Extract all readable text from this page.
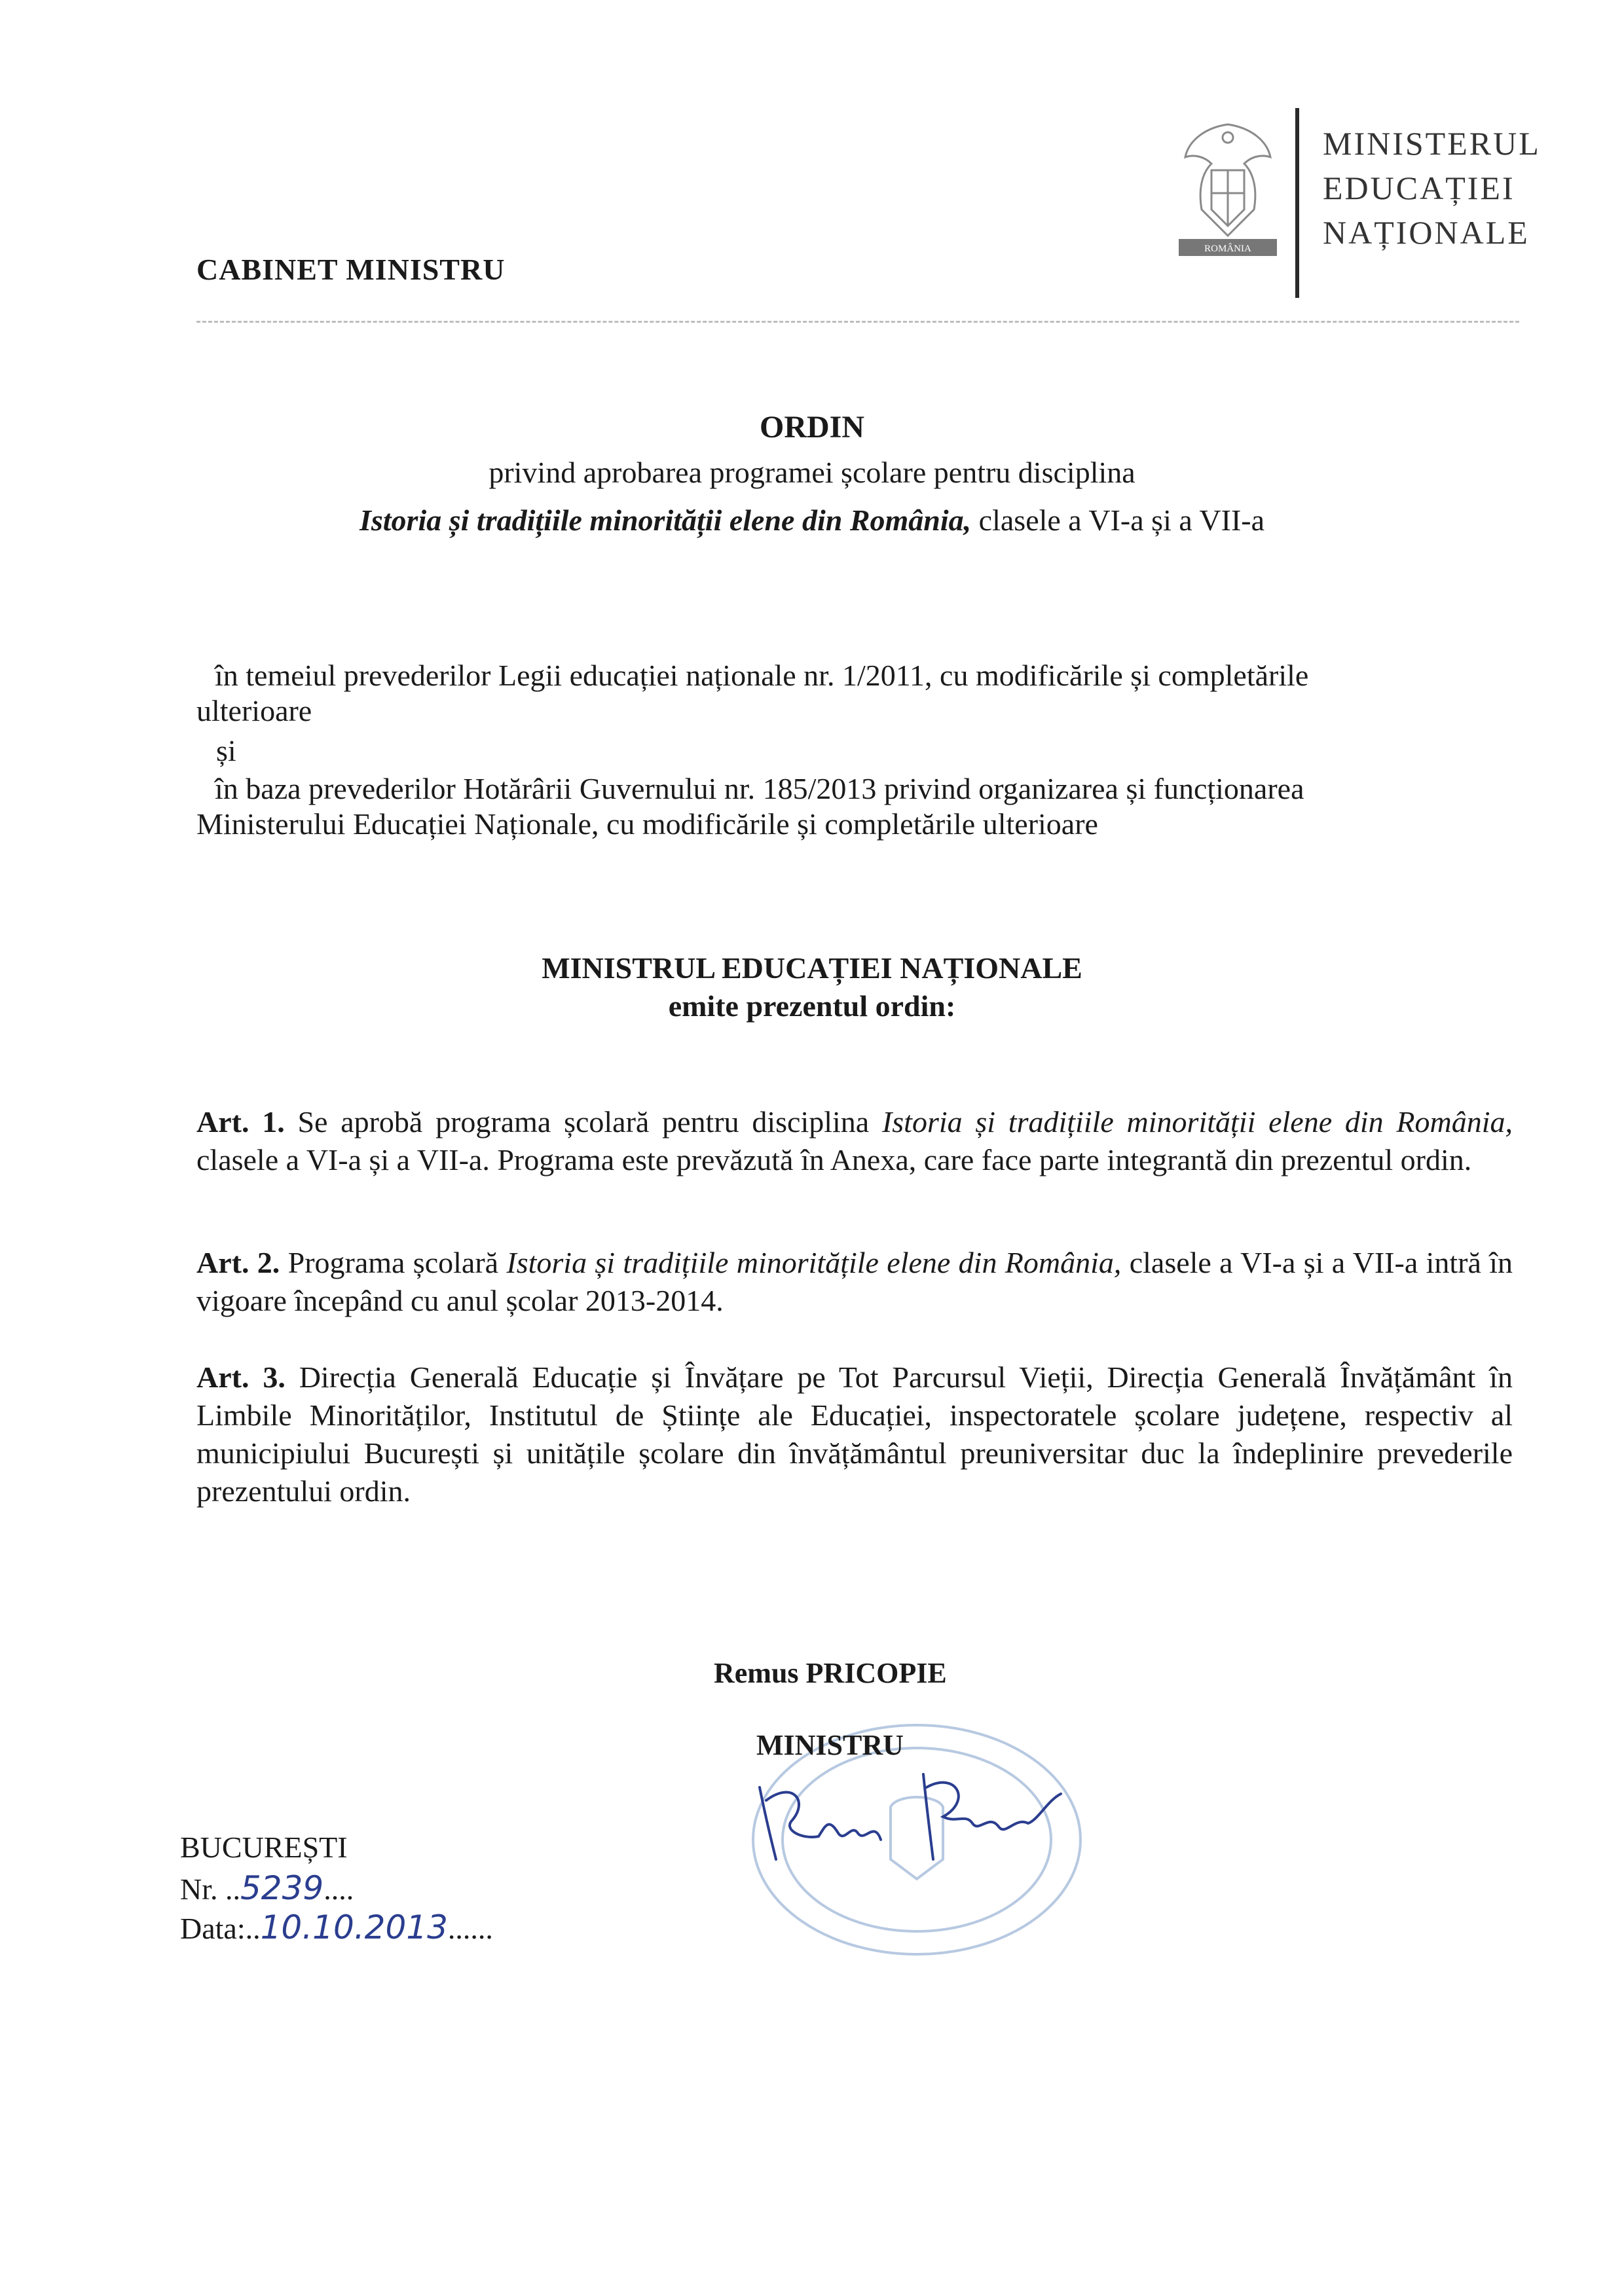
ROMÂNIA
MINISTERUL
EDUCAȚIEI
NAȚIONALE
CABINET MINISTRU
ORDIN
privind aprobarea programei școlare pentru disciplina
Istoria și tradițiile minorității elene din România, clasele a VI-a și a VII-a
în temeiul prevederilor Legii educației naționale nr. 1/2011, cu modificările și completările
ulterioare
și
în baza prevederilor Hotărârii Guvernului nr. 185/2013 privind organizarea și funcționarea
Ministerului Educației Naționale, cu modificările și completările ulterioare
MINISTRUL EDUCAȚIEI NAȚIONALE
emite prezentul ordin:
Art. 1. Se aprobă programa școlară pentru disciplina Istoria și tradițiile minorității elene din România, clasele a VI-a și a VII-a. Programa este prevăzută în Anexa, care face parte integrantă din prezentul ordin.
Art. 2. Programa școlară Istoria și tradițiile minoritățile elene din România, clasele a VI-a și a VII-a intră în vigoare începând cu anul școlar 2013-2014.
Art. 3. Direcția Generală Educație și Învățare pe Tot Parcursul Vieții, Direcția Generală Învățământ în Limbile Minorităților, Institutul de Științe ale Educației, inspectoratele școlare județene, respectiv al municipiului București și unitățile școlare din învățământul preuniversitar duc la îndeplinire prevederile prezentului ordin.
Remus PRICOPIE
MINISTRU
BUCUREȘTI
Nr. ..5239....
Data:..10.10.2013......
